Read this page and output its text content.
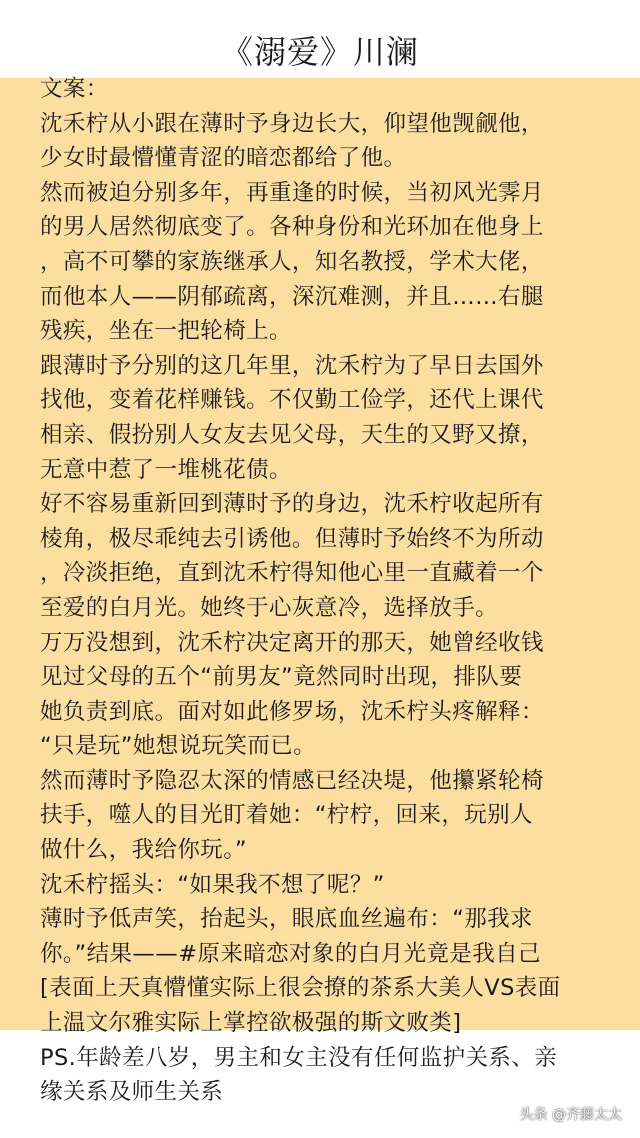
《溺爱》川澜
文案：
沈禾柠从小跟在薄时予身边长大，仰望他觊觎他，
少女时最懵懂青涩的暗恋都给了他。
然而被迫分别多年，再重逢的时候，当初风光霁月
的男人居然彻底变了。各种身份和光环加在他身上
，高不可攀的家族继承人，知名教授，学术大佬，
而他本人——阴郁疏离，深沉难测，并且……右腿
残疾，坐在一把轮椅上。
跟薄时予分别的这几年里，沈禾柠为了早日去国外
找他，变着花样赚钱。不仅勤工俭学，还代上课代
相亲、假扮别人女友去见父母，天生的又野又撩，
无意中惹了一堆桃花债。
好不容易重新回到薄时予的身边，沈禾柠收起所有
棱角，极尽乖纯去引诱他。但薄时予始终不为所动
，冷淡拒绝，直到沈禾柠得知他心里一直藏着一个
至爱的白月光。她终于心灰意冷，选择放手。
万万没想到，沈禾柠决定离开的那天，她曾经收钱
见过父母的五个“前男友”竟然同时出现，排队要
她负责到底。面对如此修罗场，沈禾柠头疼解释：
“只是玩”她想说玩笑而已。
然而薄时予隐忍太深的情感已经决堤，他攥紧轮椅
扶手，噬人的目光盯着她：“柠柠，回来，玩别人
做什么，我给你玩。”
沈禾柠摇头：“如果我不想了呢？”
薄时予低声笑，抬起头，眼底血丝遍布：“那我求
你。”结果——#原来暗恋对象的白月光竟是我自己
[表面上天真懵懂实际上很会撩的茶系大美人VS表面
上温文尔雅实际上掌控欲极强的斯文败类]
PS.年龄差八岁，男主和女主没有任何监护关系、亲
缘关系及师生关系
头条 @齐藤太太
